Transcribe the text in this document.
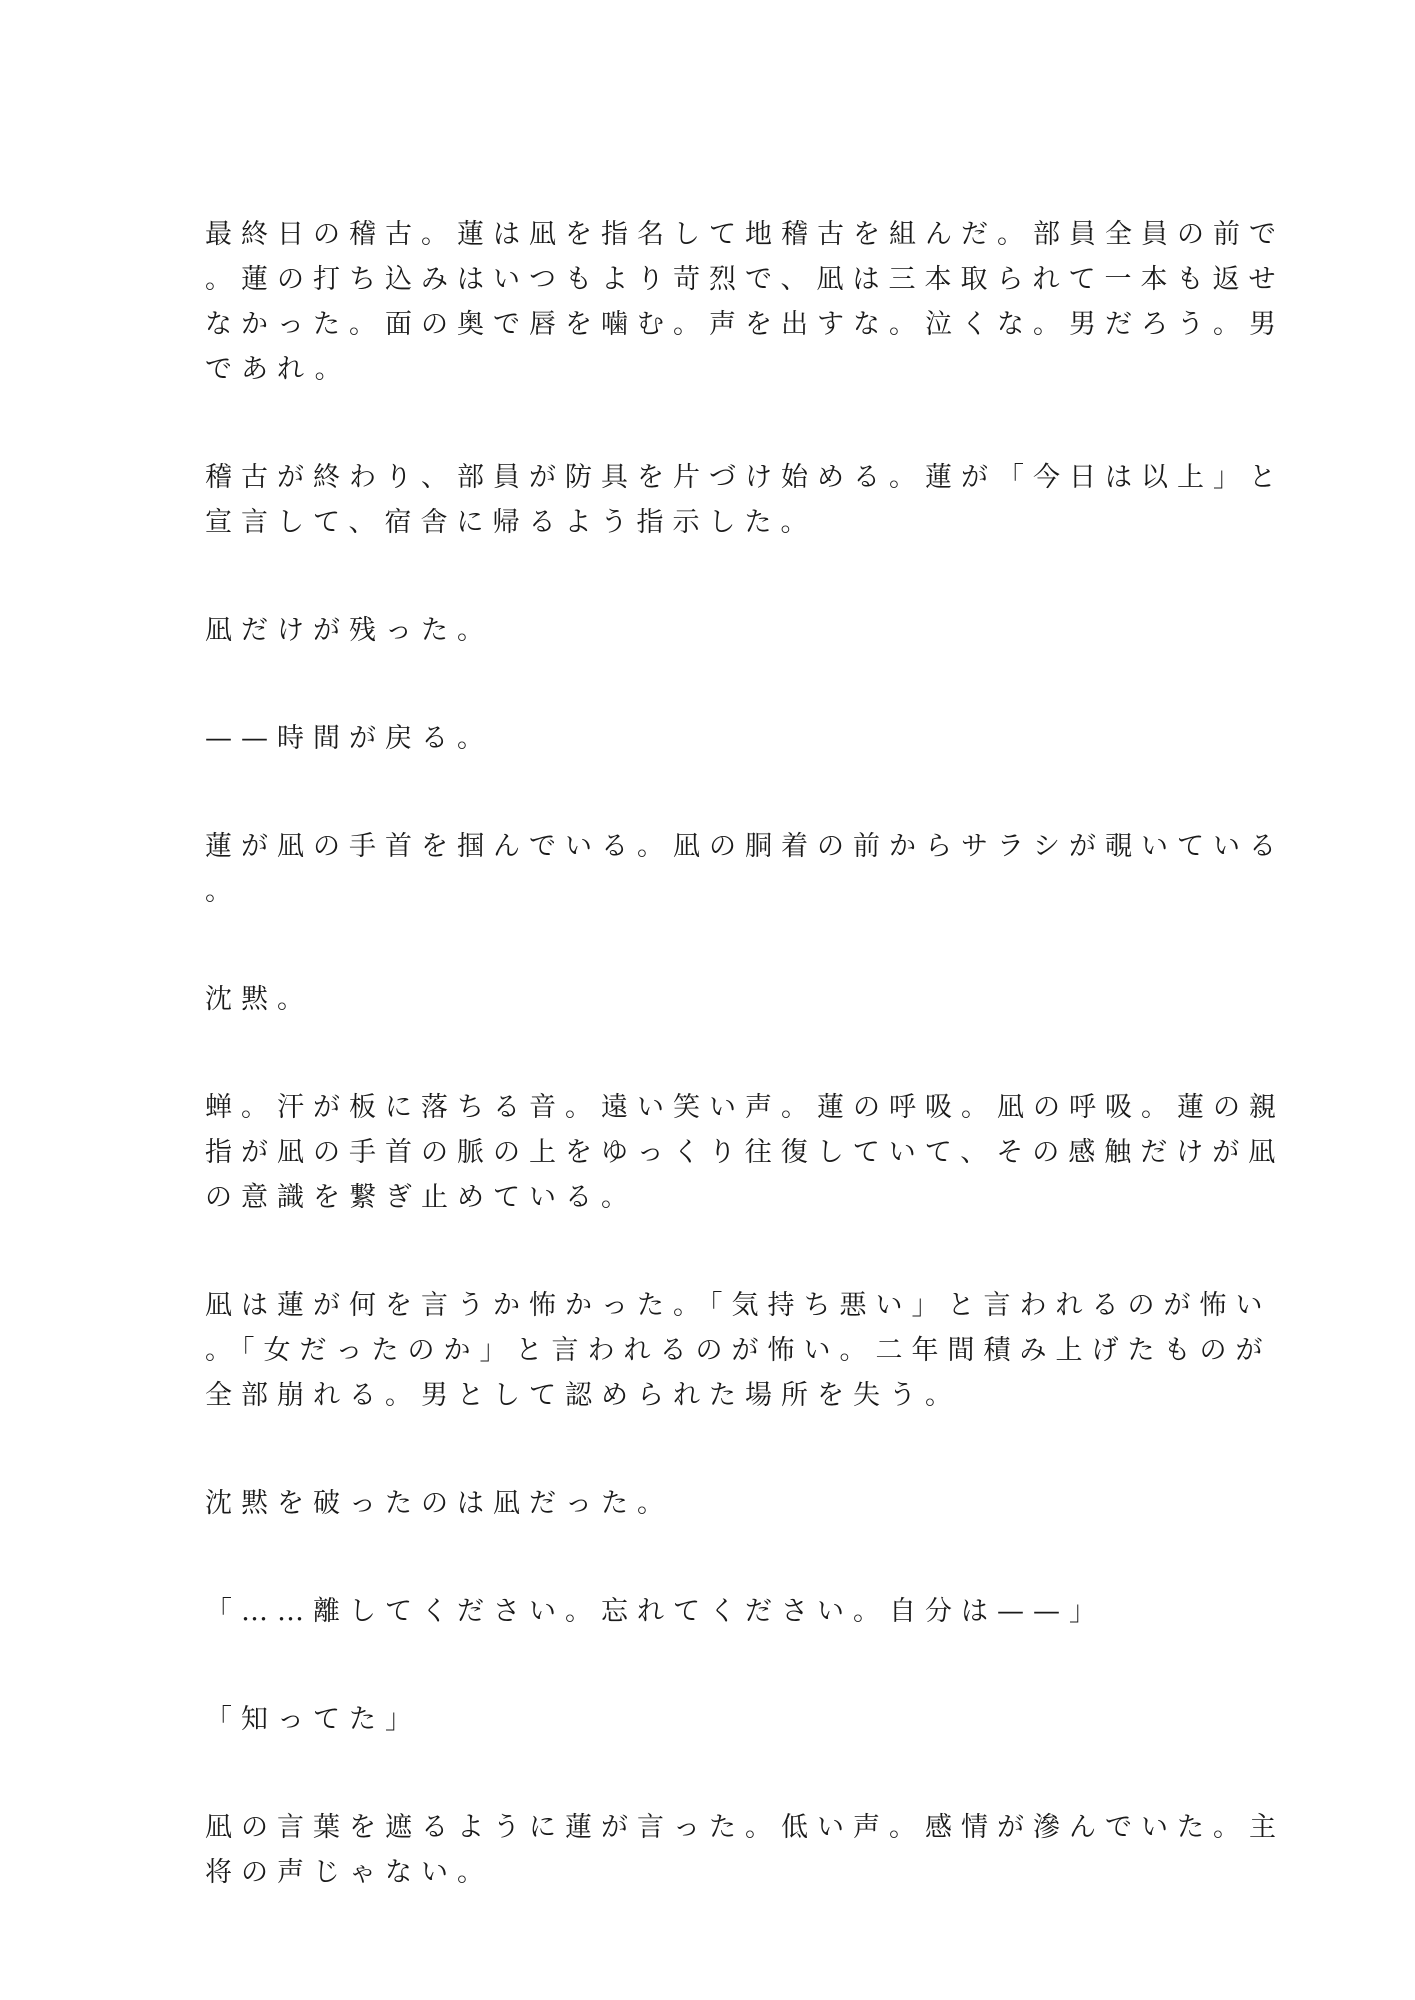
最終日の稽古。蓮は凪を指名して地稽古を組んだ。部員全員の前で
。蓮の打ち込みはいつもより苛烈で、凪は三本取られて一本も返せ
なかった。面の奥で唇を噛む。声を出すな。泣くな。男だろう。男
であれ。
稽古が終わり、部員が防具を片づけ始める。蓮が「今日は以上」と
宣言して、宿舎に帰るよう指示した。
凪だけが残った。
——時間が戻る。
蓮が凪の手首を掴んでいる。凪の胴着の前からサラシが覗いている
。
沈黙。
蝉。汗が板に落ちる音。遠い笑い声。蓮の呼吸。凪の呼吸。蓮の親
指が凪の手首の脈の上をゆっくり往復していて、その感触だけが凪
の意識を繋ぎ止めている。
凪は蓮が何を言うか怖かった。「気持ち悪い」と言われるのが怖い
。「女だったのか」と言われるのが怖い。二年間積み上げたものが
全部崩れる。男として認められた場所を失う。
沈黙を破ったのは凪だった。
「……離してください。忘れてください。自分は——」
「知ってた」
凪の言葉を遮るように蓮が言った。低い声。感情が滲んでいた。主
将の声じゃない。
